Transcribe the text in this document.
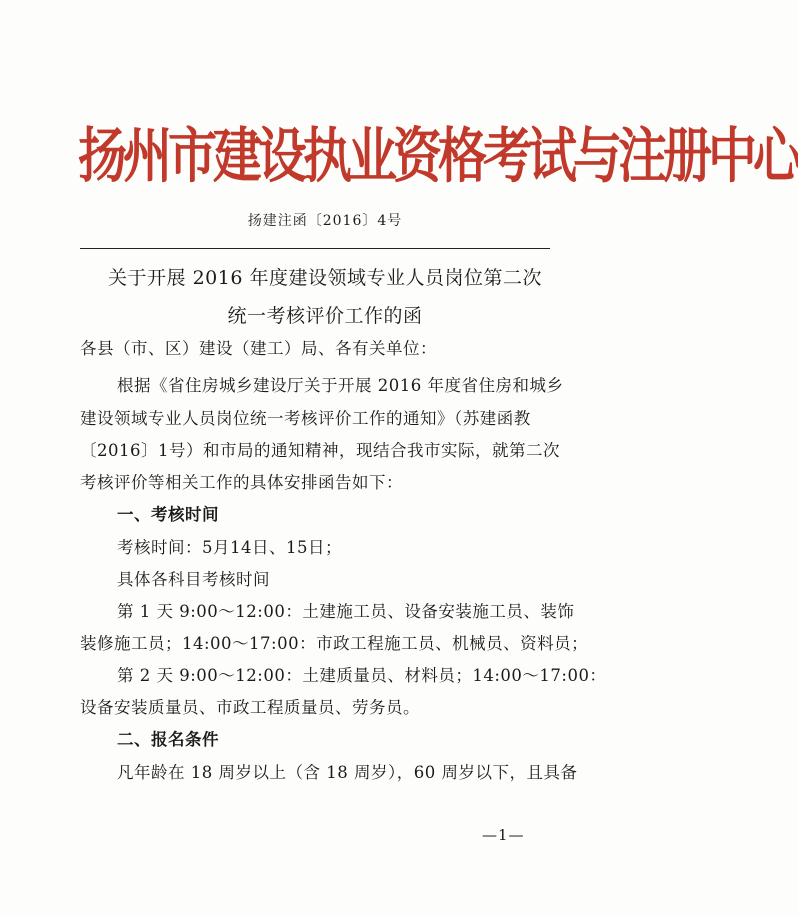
扬州市建设执业资格考试与注册中心
扬建注函〔2016〕4号
关于开展 2016 年度建设领域专业人员岗位第二次
统一考核评价工作的函
各县（市、区）建设（建工）局、各有关单位：
根据《省住房城乡建设厅关于开展 2016 年度省住房和城乡
建设领域专业人员岗位统一考核评价工作的通知》（苏建函教
〔2016〕1号）和市局的通知精神，现结合我市实际，就第二次
考核评价等相关工作的具体安排函告如下：
一、考核时间
考核时间：5月14日、15日；
具体各科目考核时间
第 1 天 9:00～12:00：土建施工员、设备安装施工员、装饰
装修施工员；14:00～17:00：市政工程施工员、机械员、资料员；
第 2 天 9:00～12:00：土建质量员、材料员；14:00～17:00：
设备安装质量员、市政工程质量员、劳务员。
二、报名条件
凡年龄在 18 周岁以上（含 18 周岁），60 周岁以下，且具备
—1—
